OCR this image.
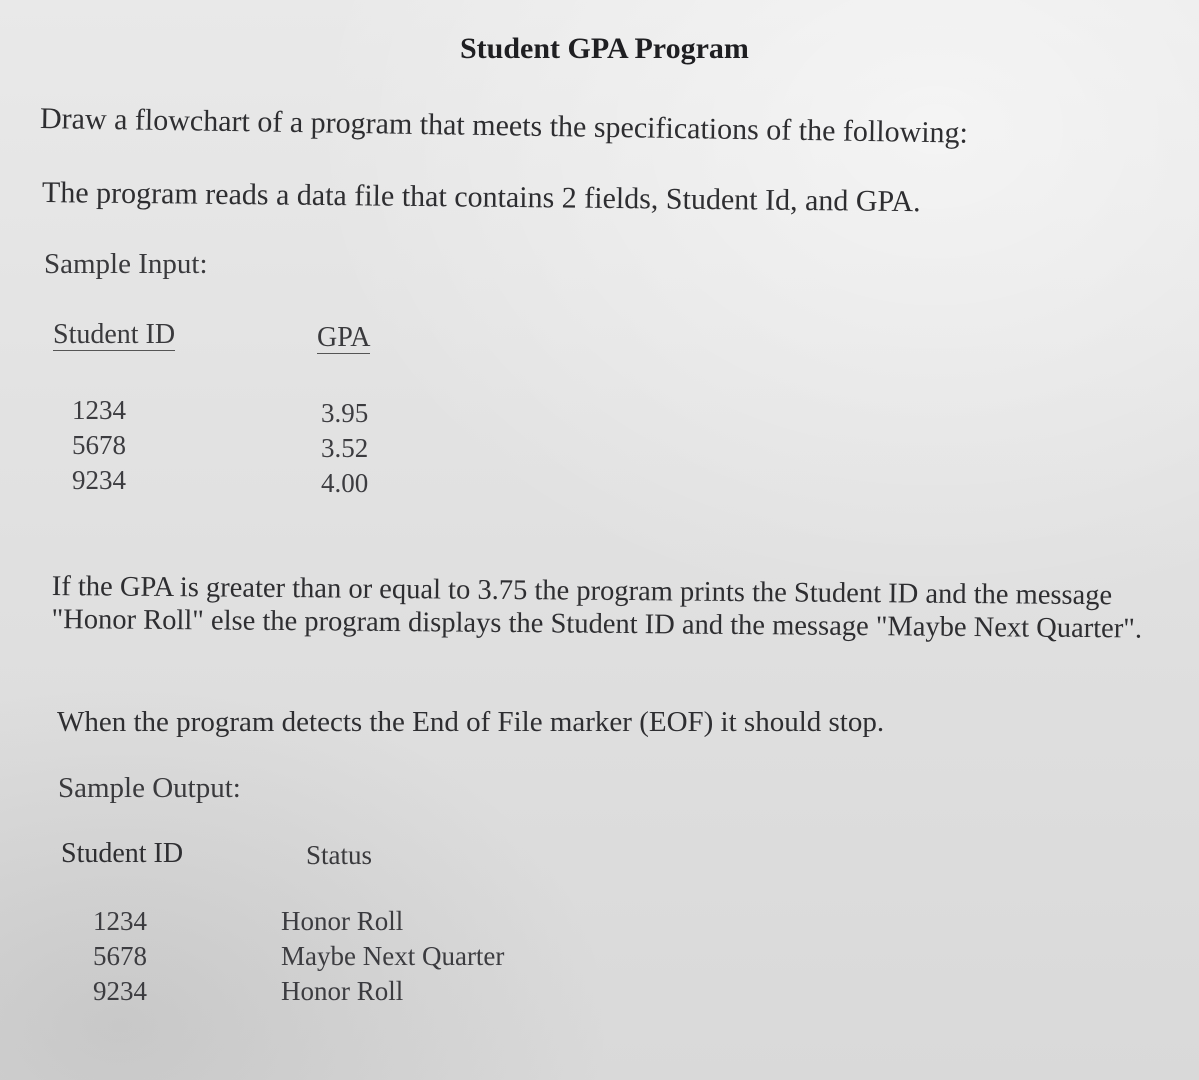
Student GPA Program

Draw a flowchart of a program that meets the specifications of the following:

The program reads a data file that contains 2 fields, Student Id, and GPA.

Sample Input:

Student ID	GPA
1234
5678
9234
3.95
3.52
4.00

If the GPA is greater than or equal to 3.75 the program prints the Student ID and the message "Honor Roll" else the program displays the Student ID and the message "Maybe Next Quarter".

When the program detects the End of File marker (EOF) it should stop.

Sample Output:

Student ID	Status
1234
5678
9234
Honor Roll
Maybe Next Quarter
Honor Roll
